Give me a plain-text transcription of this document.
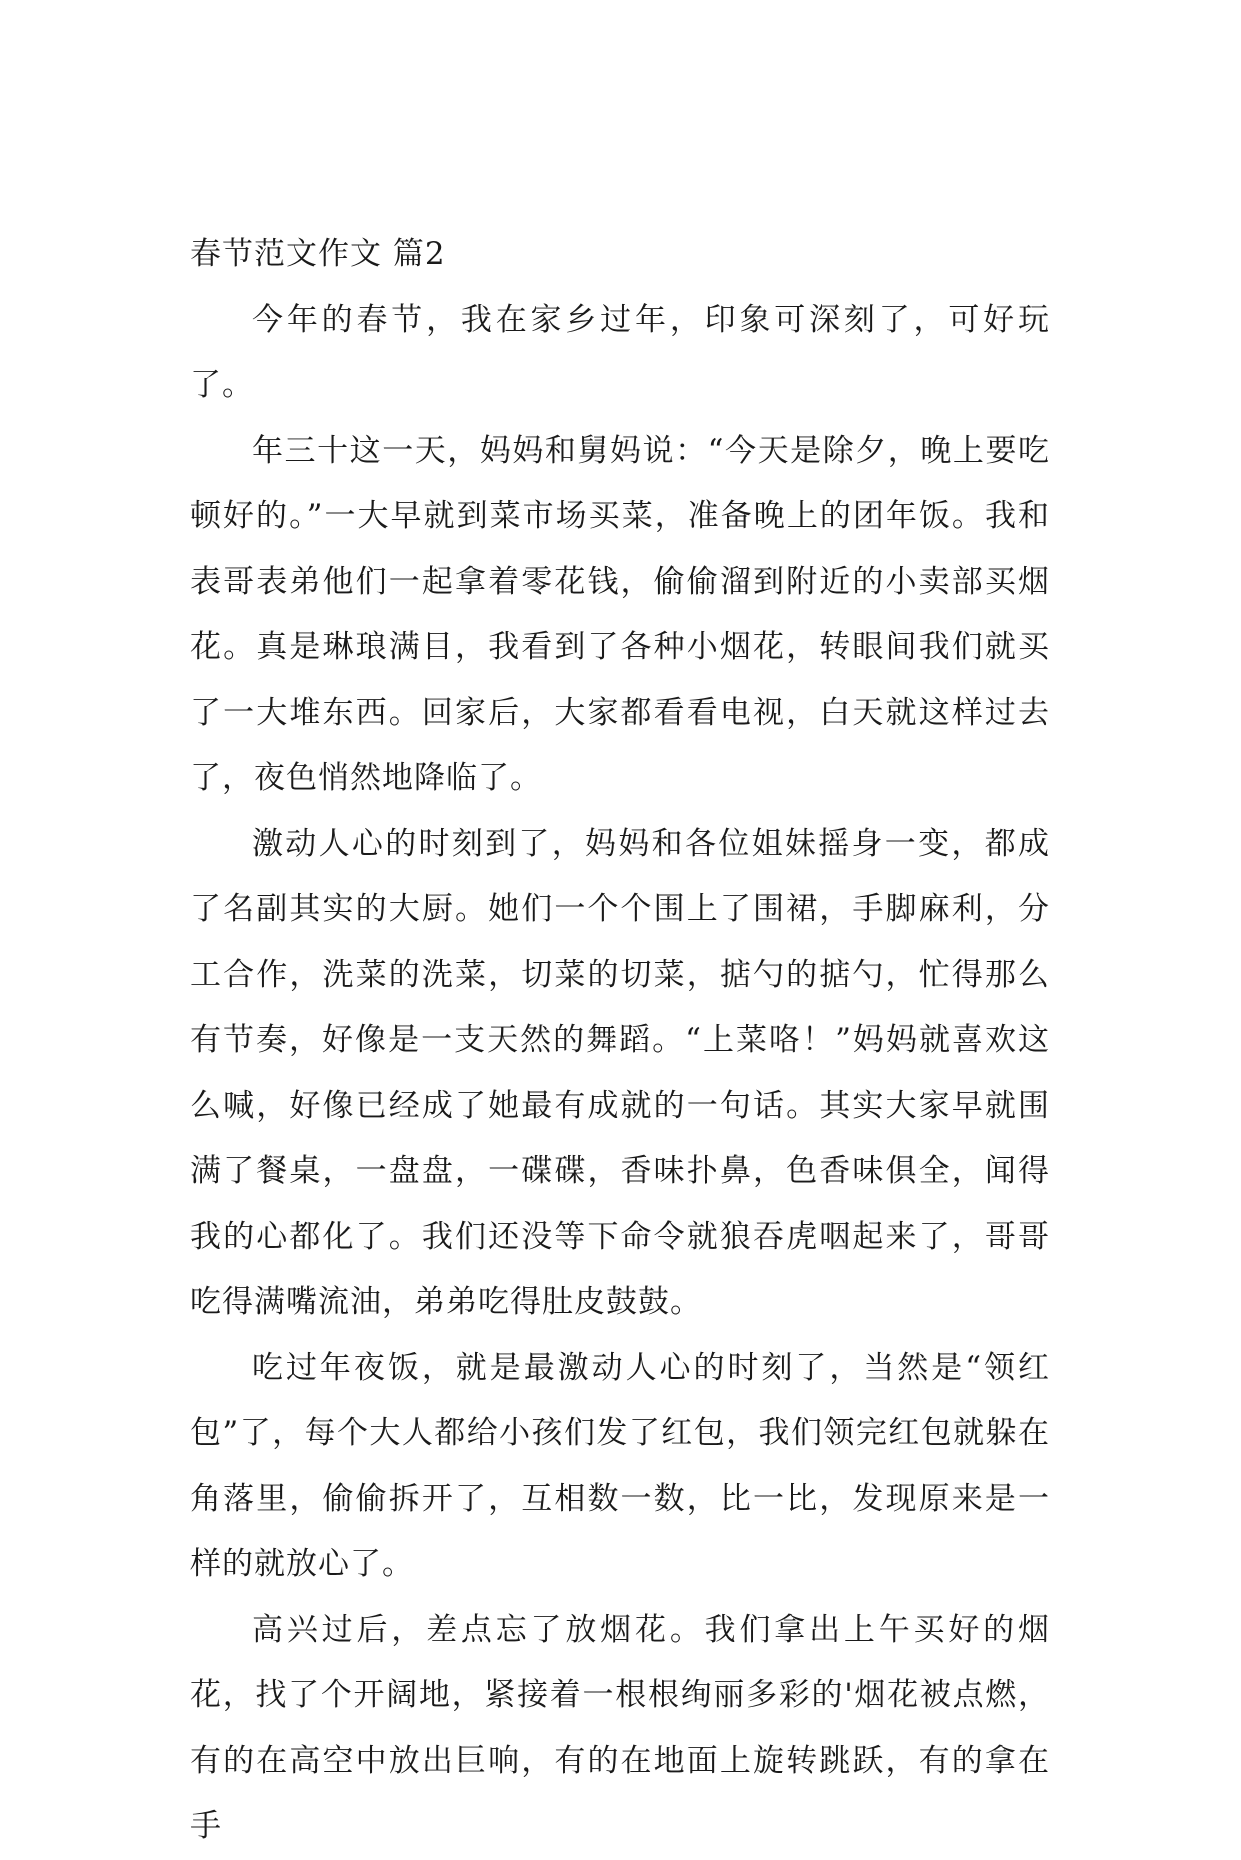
春节范文作文 篇2

今年的春节，我在家乡过年，印象可深刻了，可好玩了。

年三十这一天，妈妈和舅妈说：“今天是除夕，晚上要吃顿好的。”一大早就到菜市场买菜，准备晚上的团年饭。我和表哥表弟他们一起拿着零花钱，偷偷溜到附近的小卖部买烟花。真是琳琅满目，我看到了各种小烟花，转眼间我们就买了一大堆东西。回家后，大家都看看电视，白天就这样过去了，夜色悄然地降临了。

激动人心的时刻到了，妈妈和各位姐妹摇身一变，都成了名副其实的大厨。她们一个个围上了围裙，手脚麻利，分工合作，洗菜的洗菜，切菜的切菜，掂勺的掂勺，忙得那么有节奏，好像是一支天然的舞蹈。“上菜咯！”妈妈就喜欢这么喊，好像已经成了她最有成就的一句话。其实大家早就围满了餐桌，一盘盘，一碟碟，香味扑鼻，色香味俱全，闻得我的心都化了。我们还没等下命令就狼吞虎咽起来了，哥哥吃得满嘴流油，弟弟吃得肚皮鼓鼓。

吃过年夜饭，就是最激动人心的时刻了，当然是“领红包”了，每个大人都给小孩们发了红包，我们领完红包就躲在角落里，偷偷拆开了，互相数一数，比一比，发现原来是一样的就放心了。

高兴过后，差点忘了放烟花。我们拿出上午买好的烟花，找了个开阔地，紧接着一根根绚丽多彩的'烟花被点燃，有的在高空中放出巨响，有的在地面上旋转跳跃，有的拿在手
